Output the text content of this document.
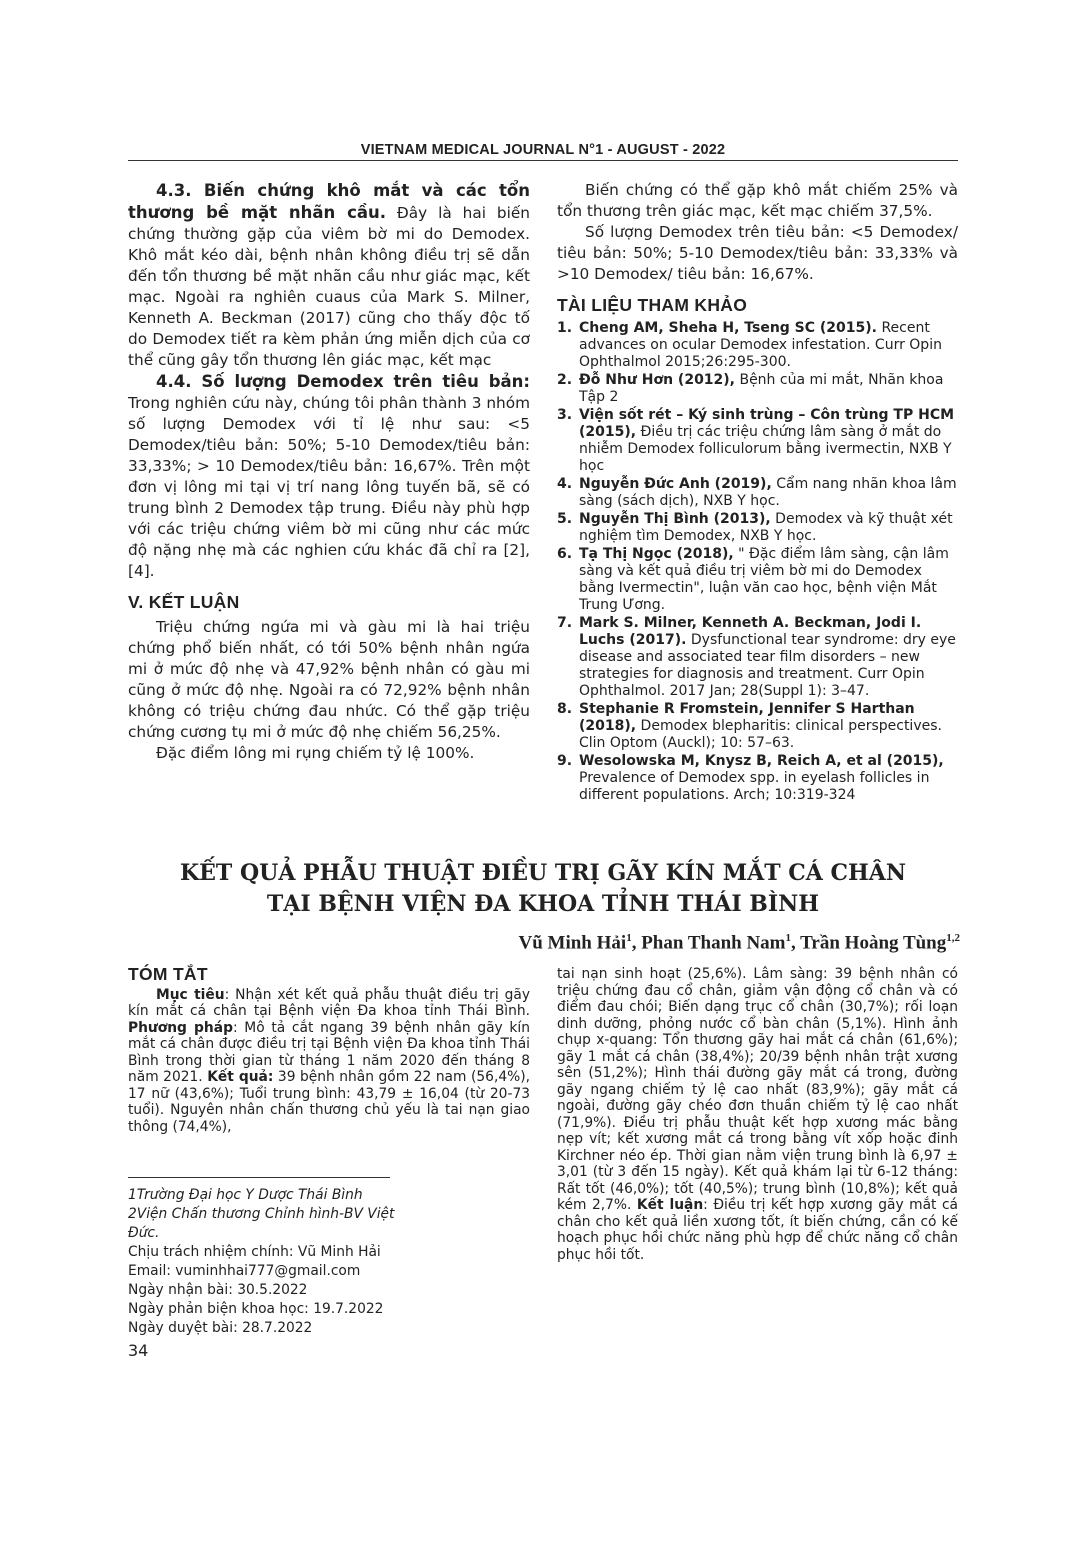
VIETNAM MEDICAL JOURNAL N°1 - AUGUST - 2022

4.3. Biến chứng khô mắt và các tổn thương bề mặt nhãn cầu. Đây là hai biến chứng thường gặp của viêm bờ mi do Demodex. Khô mắt kéo dài, bệnh nhân không điều trị sẽ dẫn đến tổn thương bề mặt nhãn cầu như giác mạc, kết mạc. Ngoài ra nghiên cuaus của Mark S. Milner, Kenneth A. Beckman (2017) cũng cho thấy độc tố do Demodex tiết ra kèm phản ứng miễn dịch của cơ thể cũng gây tổn thương lên giác mạc, kết mạc

4.4. Số lượng Demodex trên tiêu bản: Trong nghiên cứu này, chúng tôi phân thành 3 nhóm số lượng Demodex với tỉ lệ như sau: <5 Demodex/tiêu bản: 50%; 5-10 Demodex/tiêu bản: 33,33%; > 10 Demodex/tiêu bản: 16,67%. Trên một đơn vị lông mi tại vị trí nang lông tuyến bã, sẽ có trung bình 2 Demodex tập trung. Điều này phù hợp với các triệu chứng viêm bờ mi cũng như các mức độ nặng nhẹ mà các nghien cứu khác đã chỉ ra [2],[4].

V. KẾT LUẬN

Triệu chứng ngứa mi và gàu mi là hai triệu chứng phổ biến nhất, có tới 50% bệnh nhân ngứa mi ở mức độ nhẹ và 47,92% bệnh nhân có gàu mi cũng ở mức độ nhẹ. Ngoài ra có 72,92% bệnh nhân không có triệu chứng đau nhức. Có thể gặp triệu chứng cương tụ mi ở mức độ nhẹ chiếm 56,25%.

Đặc điểm lông mi rụng chiếm tỷ lệ 100%.

Biến chứng có thể gặp khô mắt chiếm 25% và tổn thương trên giác mạc, kết mạc chiếm 37,5%.

Số lượng Demodex trên tiêu bản: <5 Demodex/ tiêu bản: 50%; 5-10 Demodex/tiêu bản: 33,33% và >10 Demodex/ tiêu bản: 16,67%.

TÀI LIỆU THAM KHẢO
1. Cheng AM, Sheha H, Tseng SC (2015). Recent advances on ocular Demodex infestation. Curr Opin Ophthalmol 2015;26:295-300.
2. Đỗ Như Hơn (2012), Bệnh của mi mắt, Nhãn khoa Tập 2
3. Viện sốt rét – Ký sinh trùng – Côn trùng TP HCM (2015), Điều trị các triệu chứng lâm sàng ở mắt do nhiễm Demodex folliculorum bằng ivermectin, NXB Y học
4. Nguyễn Đức Anh (2019), Cẩm nang nhãn khoa lâm sàng (sách dịch), NXB Y học.
5. Nguyễn Thị Bình (2013), Demodex và kỹ thuật xét nghiệm tìm Demodex, NXB Y học.
6. Tạ Thị Ngọc (2018), " Đặc điểm lâm sàng, cận lâm sàng và kết quả điều trị viêm bờ mi do Demodex bằng Ivermectin", luận văn cao học, bệnh viện Mắt Trung Ương.
7. Mark S. Milner, Kenneth A. Beckman, Jodi I. Luchs (2017). Dysfunctional tear syndrome: dry eye disease and associated tear film disorders – new strategies for diagnosis and treatment. Curr Opin Ophthalmol. 2017 Jan; 28(Suppl 1): 3–47.
8. Stephanie R Fromstein, Jennifer S Harthan (2018), Demodex blepharitis: clinical perspectives. Clin Optom (Auckl); 10: 57–63.
9. Wesolowska M, Knysz B, Reich A, et al (2015), Prevalence of Demodex spp. in eyelash follicles in different populations. Arch; 10:319-324
KẾT QUẢ PHẪU THUẬT ĐIỀU TRỊ GÃY KÍN MẮT CÁ CHÂN
TẠI BỆNH VIỆN ĐA KHOA TỈNH THÁI BÌNH
Vũ Minh Hải$^1$, Phan Thanh Nam$^1$, Trần Hoàng Tùng$^{1,2}$
TÓM TẮT

Mục tiêu: Nhận xét kết quả phẫu thuật điều trị gãy kín mắt cá chân tại Bệnh viện Đa khoa tỉnh Thái Bình. Phương pháp: Mô tả cắt ngang 39 bệnh nhân gãy kín mắt cá chân được điều trị tại Bệnh viện Đa khoa tỉnh Thái Bình trong thời gian từ tháng 1 năm 2020 đến tháng 8 năm 2021. Kết quả: 39 bệnh nhân gồm 22 nam (56,4%), 17 nữ (43,6%); Tuổi trung bình: 43,79 ± 16,04 (từ 20-73 tuổi). Nguyên nhân chấn thương chủ yếu là tai nạn giao thông (74,4%),

tai nạn sinh hoạt (25,6%). Lâm sàng: 39 bệnh nhân có triệu chứng đau cổ chân, giảm vận động cổ chân và có điểm đau chói; Biến dạng trục cổ chân (30,7%); rối loạn dinh dưỡng, phỏng nước cổ bàn chân (5,1%). Hình ảnh chụp x-quang: Tổn thương gãy hai mắt cá chân (61,6%); gãy 1 mắt cá chân (38,4%); 20/39 bệnh nhân trật xương sên (51,2%); Hình thái đường gãy mắt cá trong, đường gãy ngang chiếm tỷ lệ cao nhất (83,9%); gãy mắt cá ngoài, đường gãy chéo đơn thuần chiếm tỷ lệ cao nhất (71,9%). Điều trị phẫu thuật kết hợp xương mác bằng nẹp vít; kết xương mắt cá trong bằng vít xốp hoặc đinh Kirchner néo ép. Thời gian nằm viện trung bình là 6,97 ± 3,01 (từ 3 đến 15 ngày). Kết quả khám lại từ 6-12 tháng: Rất tốt (46,0%); tốt (40,5%); trung bình (10,8%); kết quả kém 2,7%. Kết luận: Điều trị kết hợp xương gãy mắt cá chân cho kết quả liền xương tốt, ít biến chứng, cần có kế hoạch phục hồi chức năng phù hợp để chức năng cổ chân phục hồi tốt.

1Trường Đại học Y Dược Thái Bình
2Viện Chấn thương Chỉnh hình-BV Việt Đức.
Chịu trách nhiệm chính: Vũ Minh Hải
Email: vuminhhai777@gmail.com
Ngày nhận bài: 30.5.2022
Ngày phản biện khoa học: 19.7.2022
Ngày duyệt bài: 28.7.2022
34
